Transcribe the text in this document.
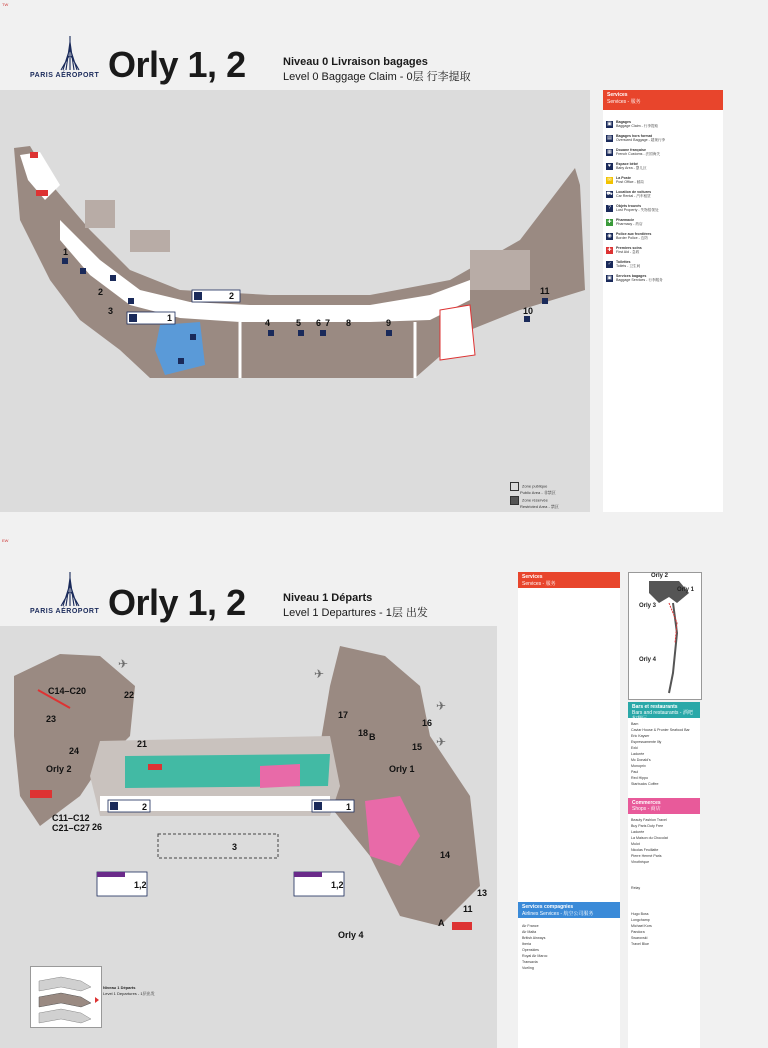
TW
PARIS AÉROPORT Orly 1, 2	Niveau 0 Livraison bagages
Level 0 Baggage Claim - 0层 行李提取
1
2
3
4	5 6 7 8	9
10
11
1
2
Zone publique
Public Area - 非禁区
Zone réservée
Restricted Area - 禁区
Services
Services - 服务
▣	Bagages
Baggage Claim - 行李提取
▤	Bagages hors format
Oversized Baggage - 超规行李
▦	Douane française
French Customs - 法国海关
♥	Espace bébé
Baby Area - 婴儿区
✉	La Poste
Post Office - 邮局
⛟ Location de voitures
Car Rental - 汽车租赁
?	Objets trouvés
Lost Property - 失物招领处
✚	Pharmacie
Pharmacy - 药店
◉	Police aux frontières
Border Police - 边防
✚	Premiers soins
First Aid - 急救
♂	Toilettes
Toilets - 卫生间
▣	Services bagages
Baggage Services - 行李服务
EW
PARIS AÉROPORT Orly 1, 2	Niveau 1 Départs
Level 1 Departures - 1层 出发
C14–C20	22
23
24
21
C11–C12
C21–C27 26
17
18
16
15
14
13
11
A
B
Orly 1
Orly 2
Orly 4
3
2	1
1,2	1,2
✈
✈
✈
✈
Niveau 1 Départs
Level 1 Departures - 1层出发
Services
Services - 服务
Services compagnies
Airlines Services - 航空公司服务
Air France
Air Malta
British Airways
Iberia
Openskies
Royal Air Maroc
Transavia
Vueling
Orly 2
Orly 1
Orly 3
Orly 4
Bars et restaurants
Bars and restaurants - 酒吧和餐厅
Bam
Caviar House & Prunier Seafood Bar
Eric Kayser
Espressamente Illy
Exki
Ladurée
Mc Donald's
Monoprix
Paul
Red Hippo
Starbucks Coffee
Commerces
Shops - 商店
Beauty Fashion Travel
Buy Paris Duty Free
Ladurée
La Maison du Chocolat
Mulot
Nicolas Feuillatte
Pierre Hermé Paris
Vinothèque
Relay
Hugo Boss
Longchamp
Michael Kors
Pandora
Swarovski
Travel Blue
